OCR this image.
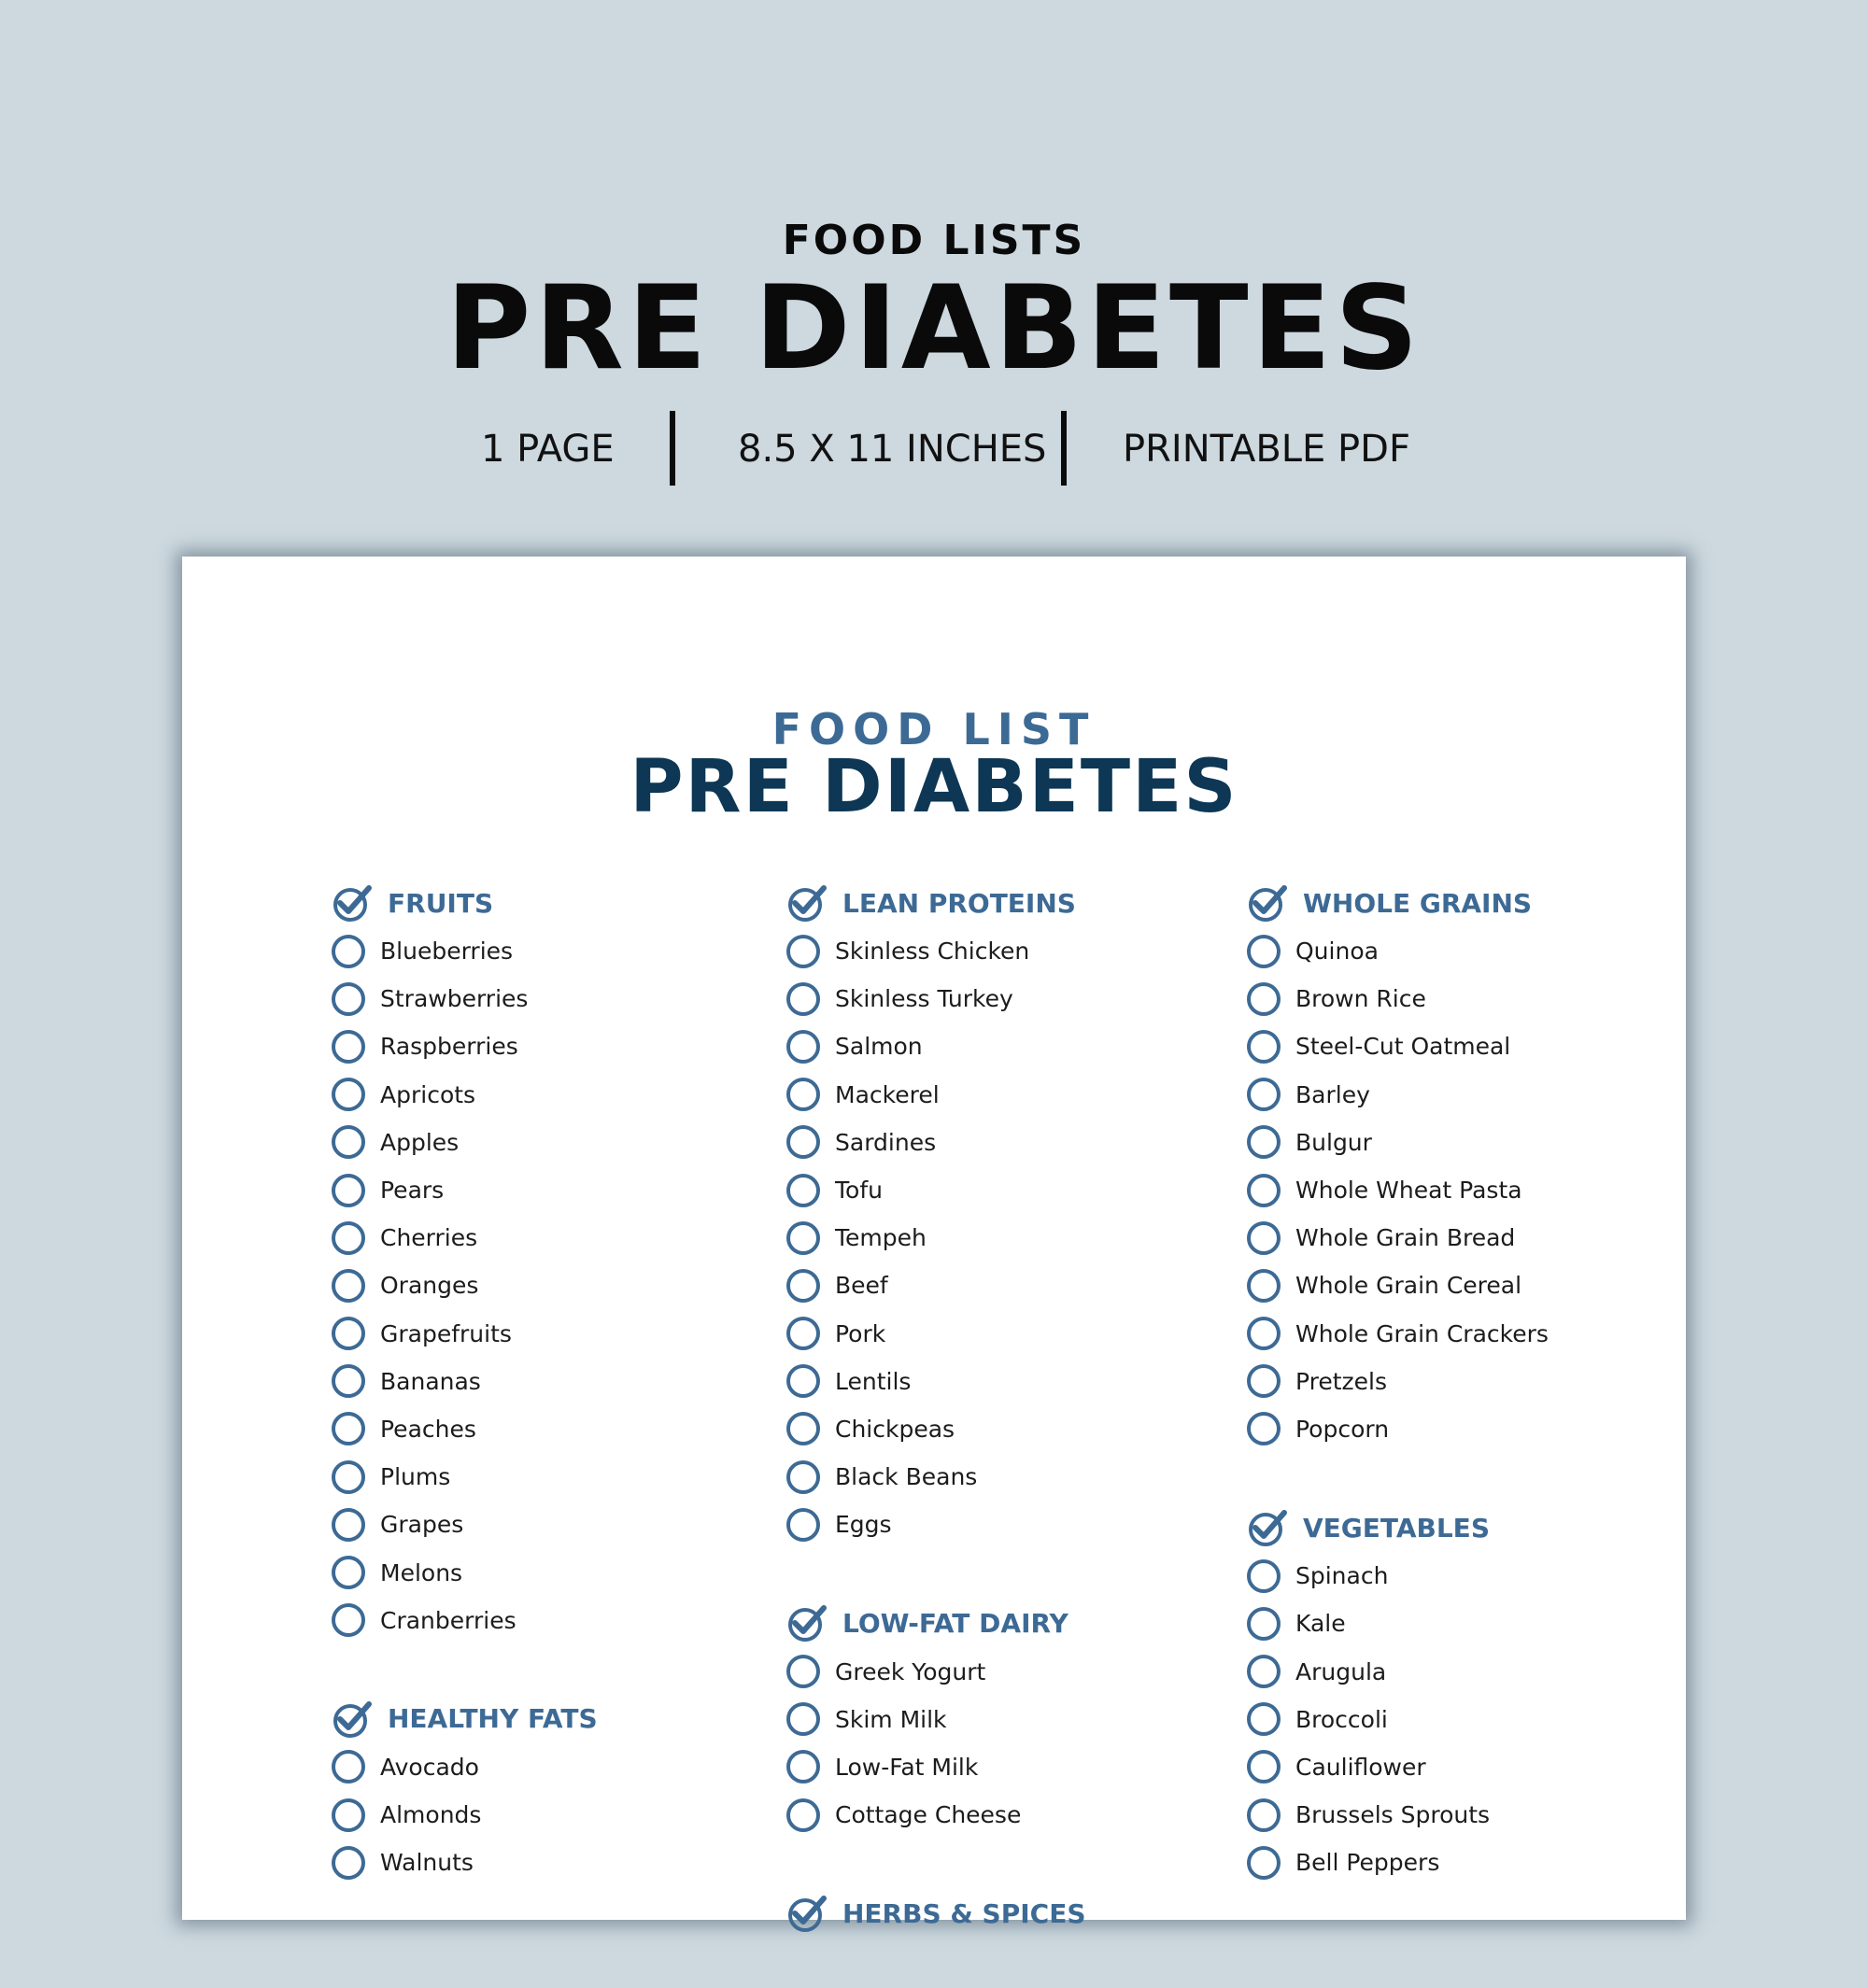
FOOD LISTS
PRE DIABETES
1 PAGE	8.5 X 11 INCHES PRINTABLE PDF
FOOD LIST
PRE DIABETES
FRUITS
Blueberries
Strawberries
Raspberries
Apricots
Apples
Pears
Cherries
Oranges
Grapefruits
Bananas
Peaches
Plums
Grapes
Melons
Cranberries
HEALTHY FATS
Avocado
Almonds
Walnuts
LEAN PROTEINS
Skinless Chicken
Skinless Turkey
Salmon
Mackerel
Sardines
Tofu
Tempeh
Beef
Pork
Lentils
Chickpeas
Black Beans
Eggs
LOW-FAT DAIRY
Greek Yogurt
Skim Milk
Low-Fat Milk
Cottage Cheese
HERBS & SPICES
WHOLE GRAINS
Quinoa
Brown Rice
Steel-Cut Oatmeal
Barley
Bulgur
Whole Wheat Pasta
Whole Grain Bread
Whole Grain Cereal
Whole Grain Crackers
Pretzels
Popcorn
VEGETABLES
Spinach
Kale
Arugula
Broccoli
Cauliflower
Brussels Sprouts
Bell Peppers
